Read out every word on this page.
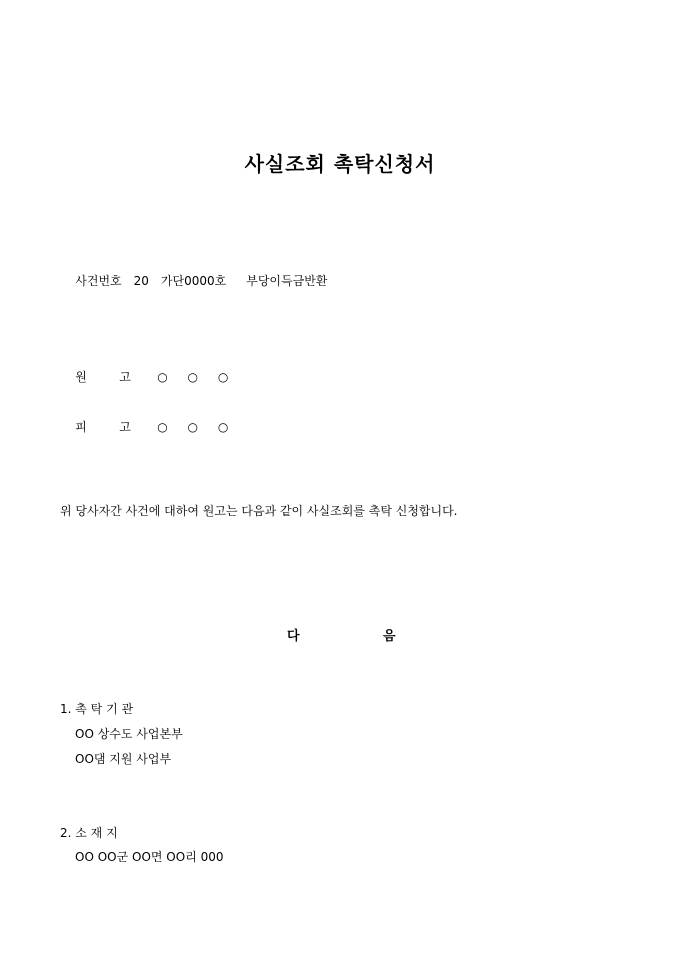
사실조회 촉탁신청서

사건번호 20 가단0000호 부당이득금반환

원	고 ○ ○ ○

피	고 ○ ○ ○

위 당사자간 사건에 대하여 원고는 다음과 같이 사실조회를 촉탁 신청합니다.
다	음
1. 촉 탁 기 관
OO 상수도 사업본부
OO댐 지원 사업부
2. 소 재 지
OO OO군 OO면 OO리 000
